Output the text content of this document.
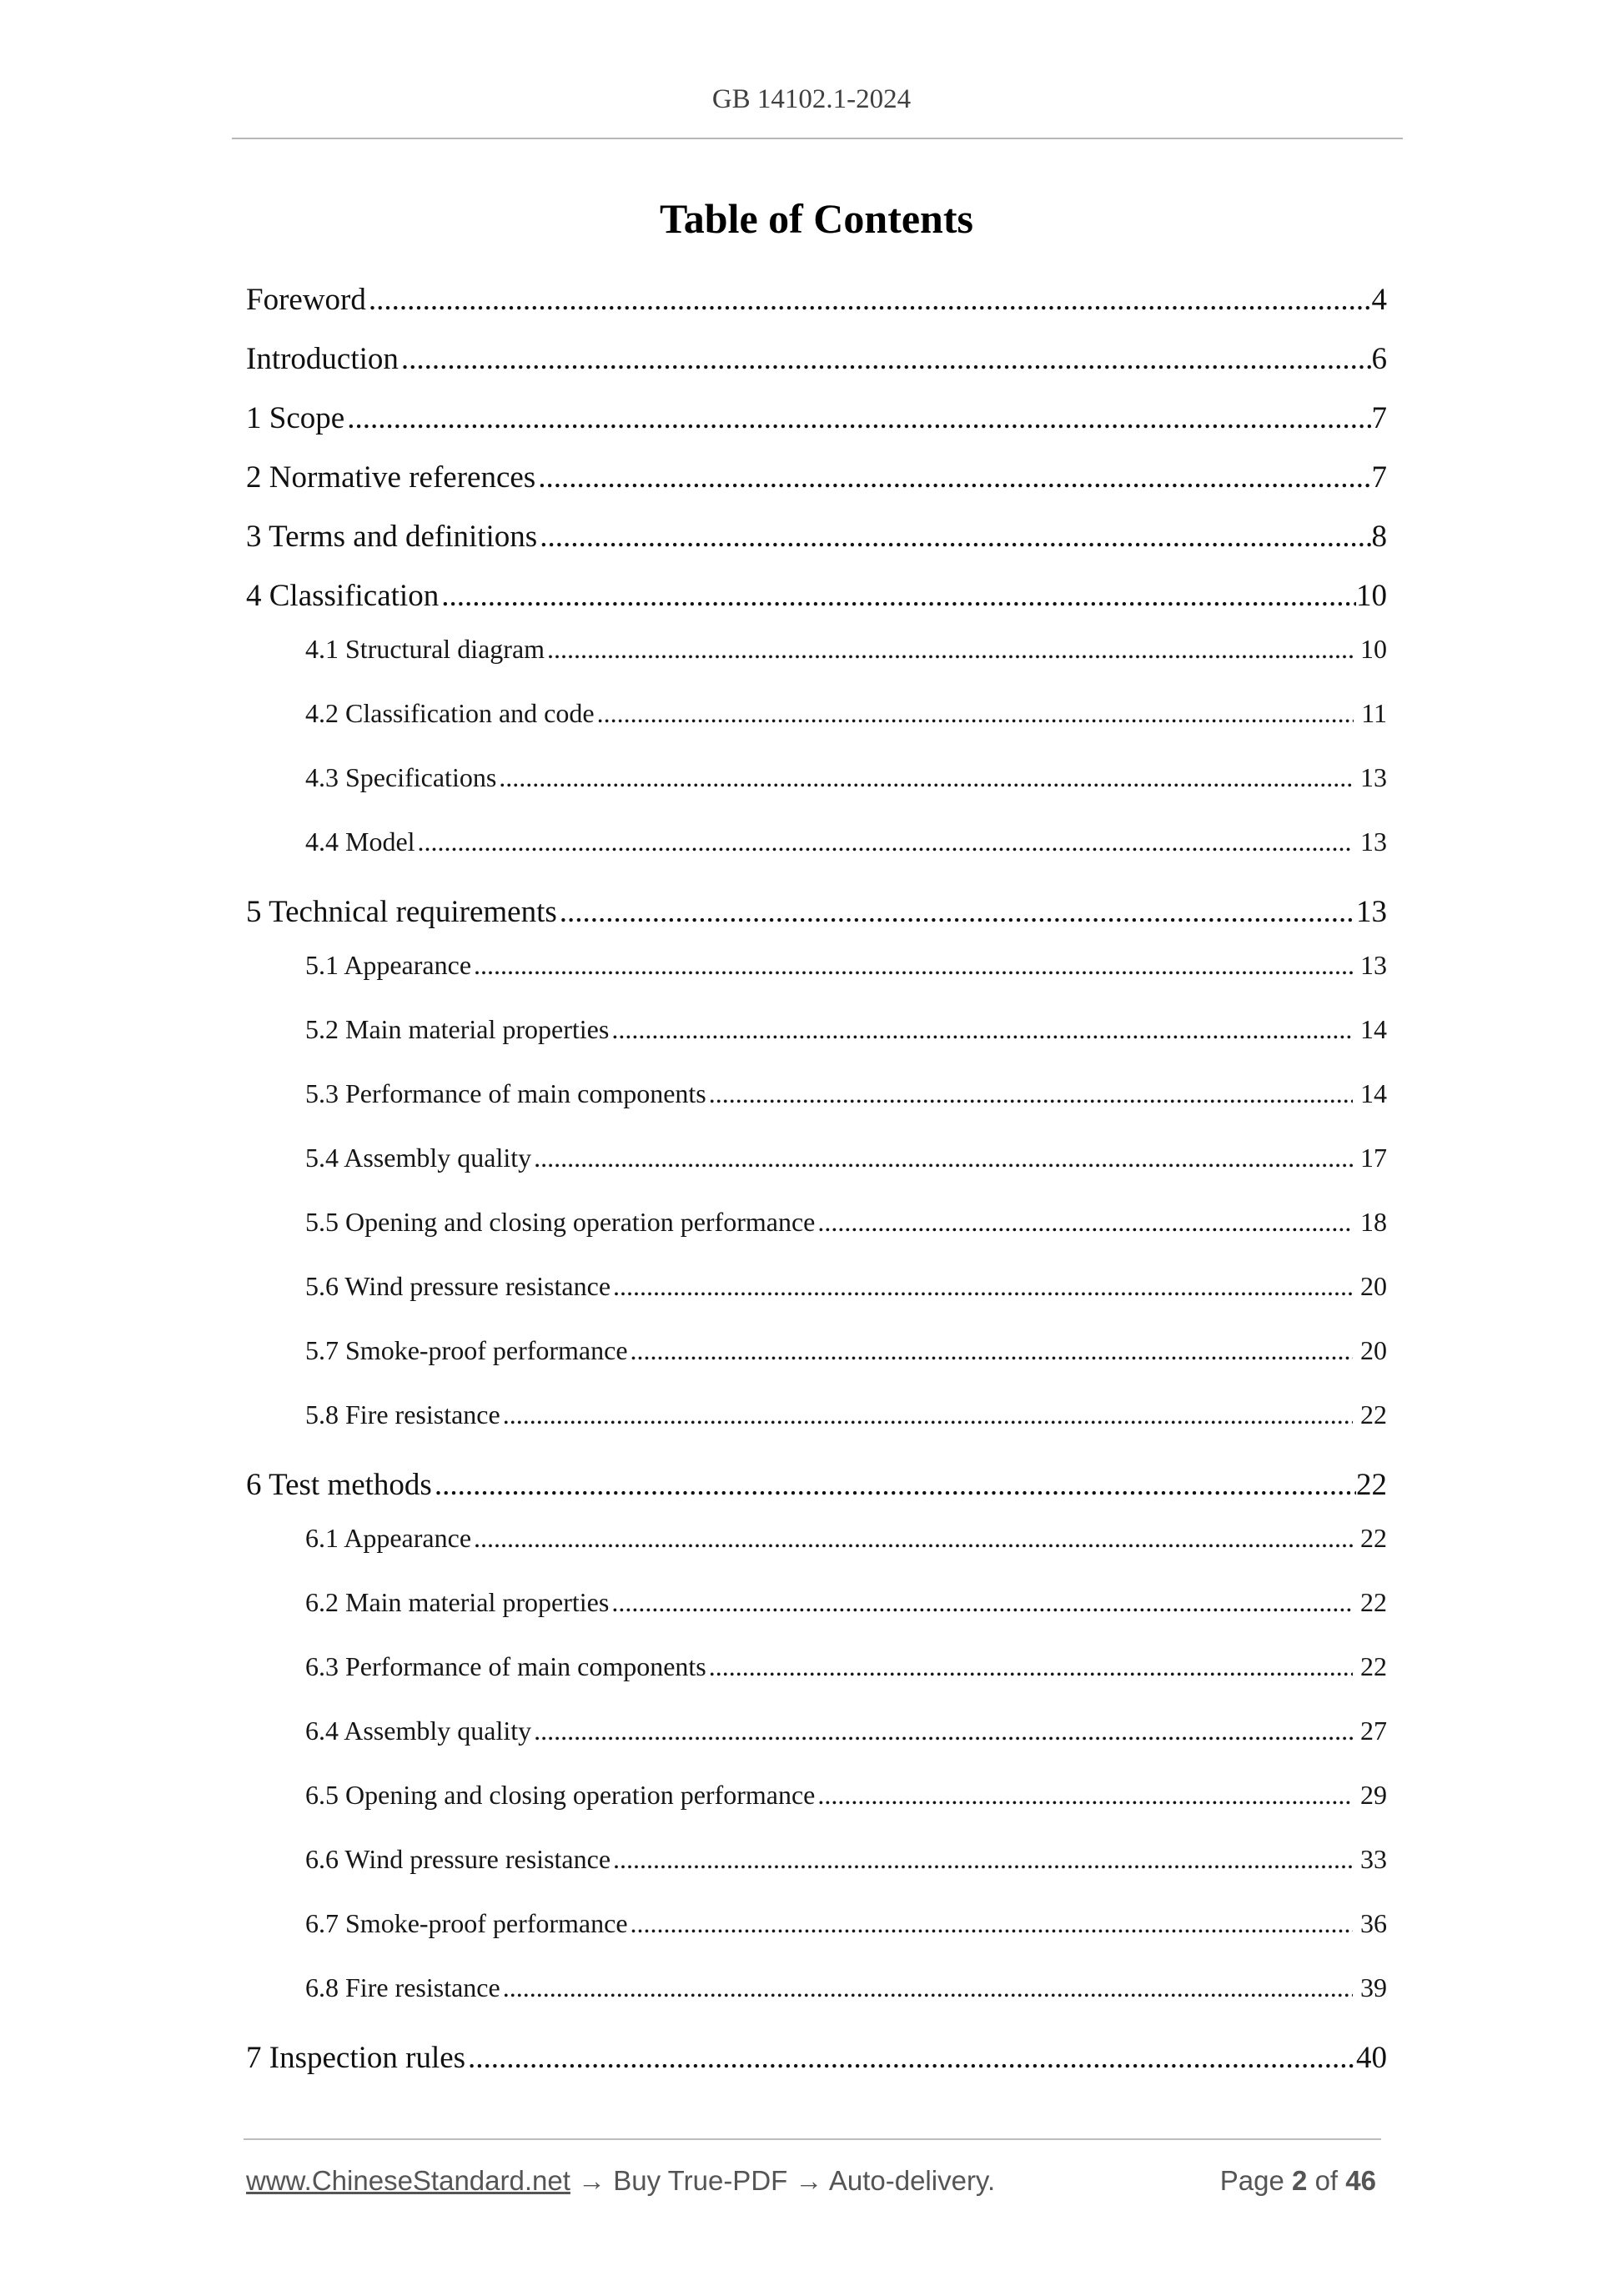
GB 14102.1-2024
Table of Contents
Foreword .....	4
Introduction .....	6
1 Scope .....	7
2 Normative references .....	7
3 Terms and definitions .....	8
4 Classification .....	10
4.1 Structural diagram .....	10
4.2 Classification and code .....	11
4.3 Specifications .....	13
4.4 Model .....	13
5 Technical requirements .....	13
5.1 Appearance .....	13
5.2 Main material properties .....	14
5.3 Performance of main components .....	14
5.4 Assembly quality .....	17
5.5 Opening and closing operation performance .....	18
5.6 Wind pressure resistance .....	20
5.7 Smoke-proof performance .....	20
5.8 Fire resistance .....	22
6 Test methods .....	22
6.1 Appearance .....	22
6.2 Main material properties .....	22
6.3 Performance of main components .....	22
6.4 Assembly quality .....	27
6.5 Opening and closing operation performance .....	29
6.6 Wind pressure resistance .....	33
6.7 Smoke-proof performance .....	36
6.8 Fire resistance .....	39
7 Inspection rules .....	40
www.ChineseStandard.net → Buy True-PDF → Auto-delivery.	Page 2 of 46
